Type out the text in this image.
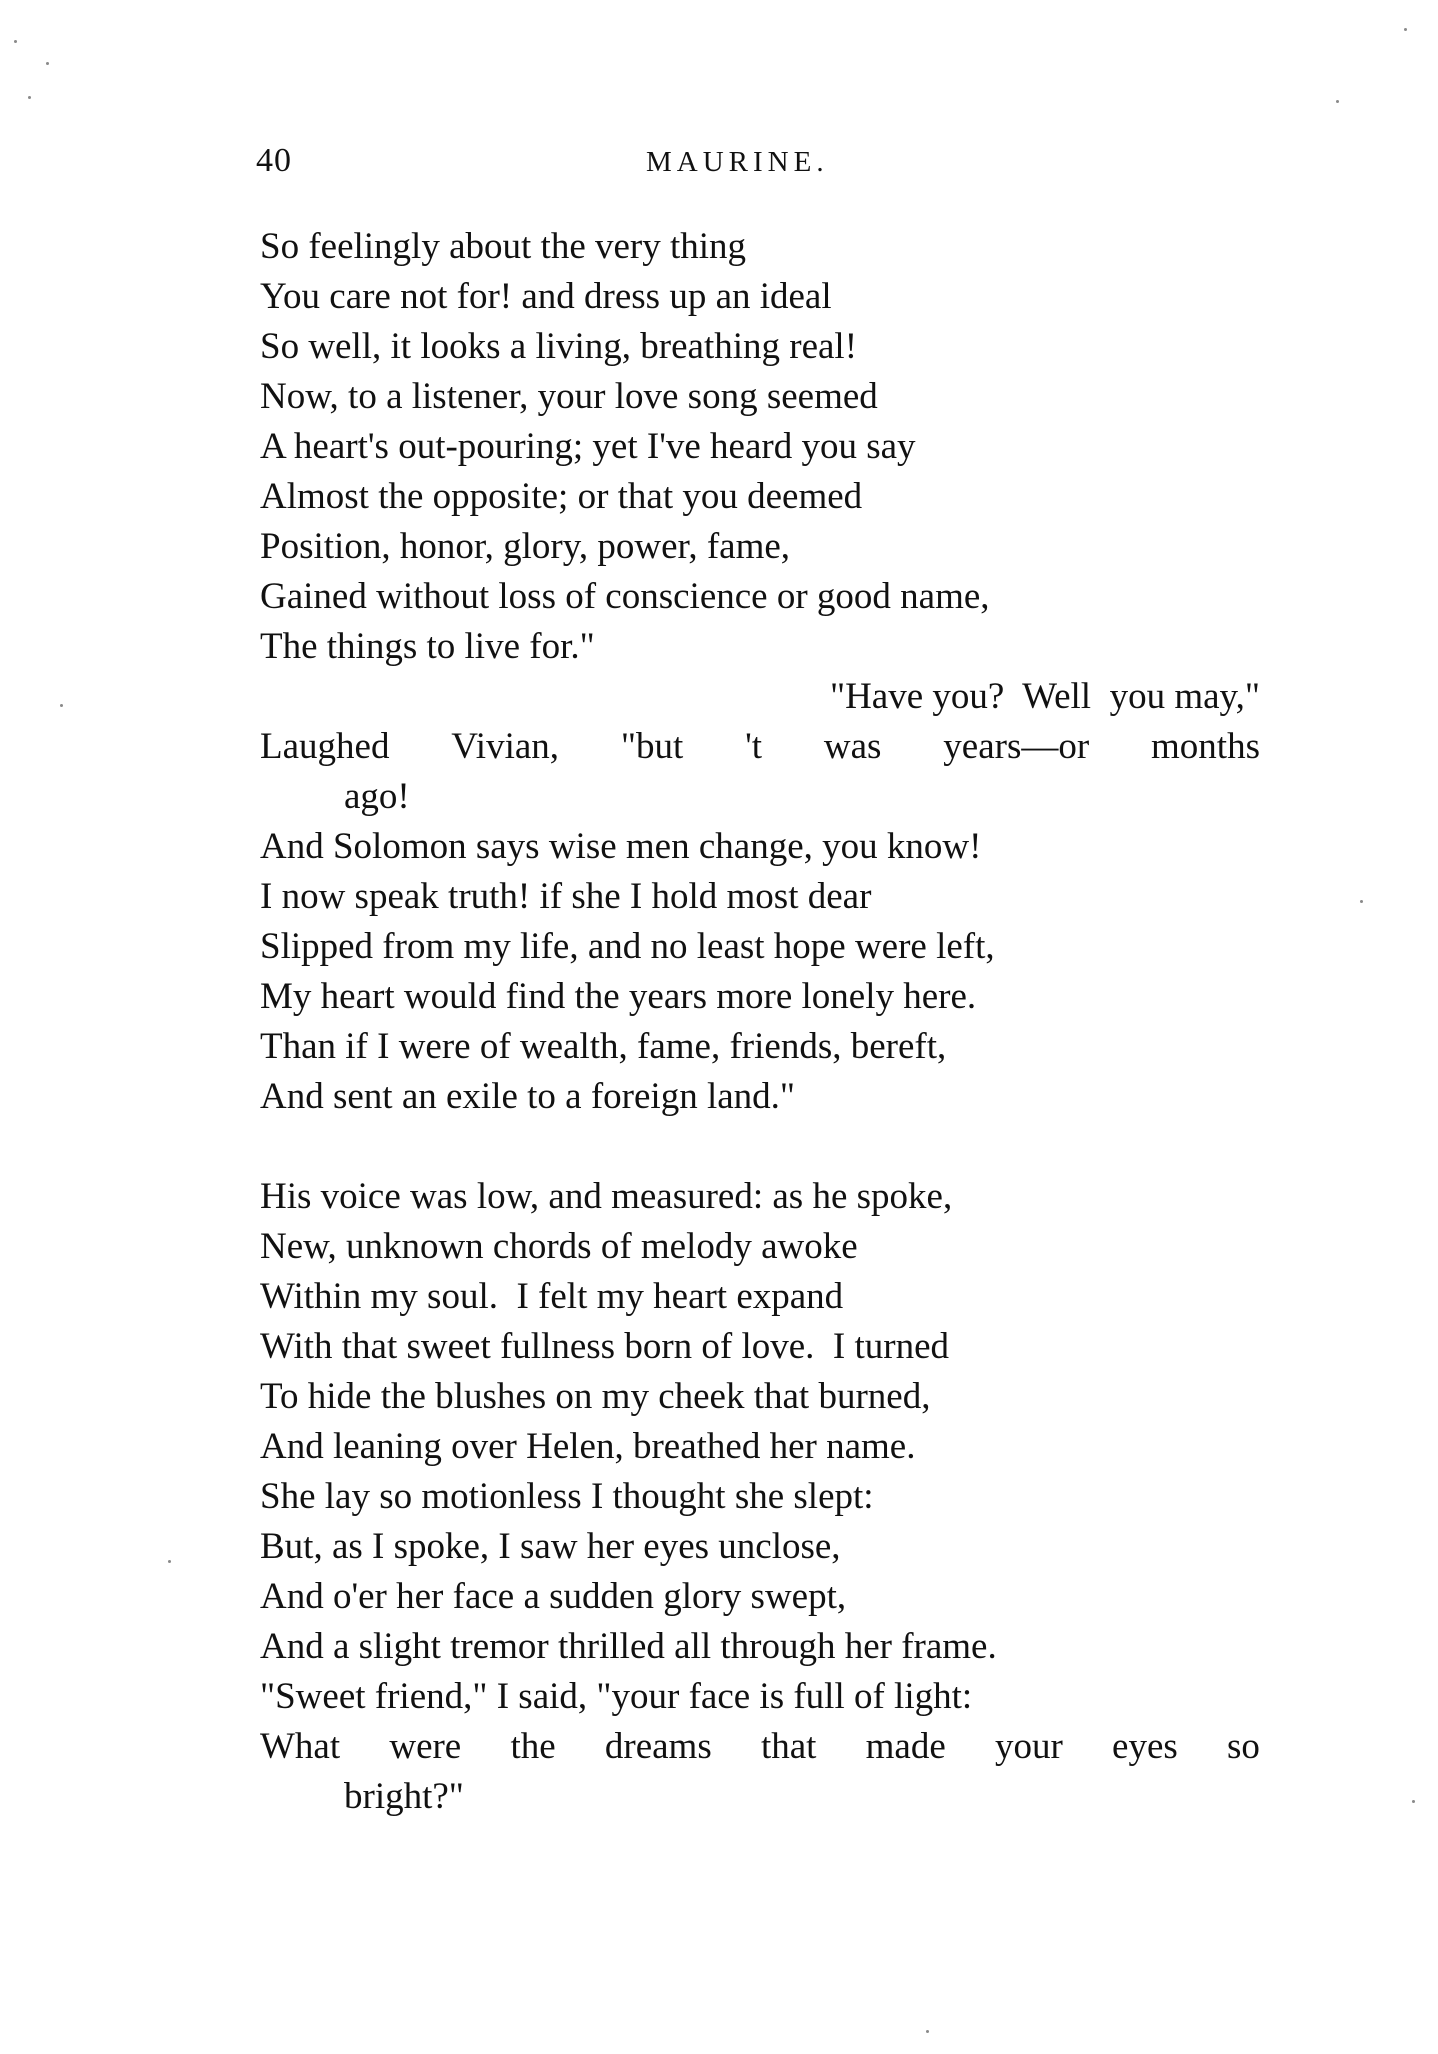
40	MAURINE.
So feelingly about the very thing
You care not for! and dress up an ideal
So well, it looks a living, breathing real!
Now, to a listener, your love song seemed
A heart's out-pouring; yet I've heard you say
Almost the opposite; or that you deemed
Position, honor, glory, power, fame,
Gained without loss of conscience or good name,
The things to live for."
"Have you?  Well  you may,"
Laughed Vivian, "but 't was years—or months
ago!
And Solomon says wise men change, you know!
I now speak truth! if she I hold most dear
Slipped from my life, and no least hope were left,
My heart would find the years more lonely here.
Than if I were of wealth, fame, friends, bereft,
And sent an exile to a foreign land."
His voice was low, and measured: as he spoke,
New, unknown chords of melody awoke
Within my soul.  I felt my heart expand
With that sweet fullness born of love.  I turned
To hide the blushes on my cheek that burned,
And leaning over Helen, breathed her name.
She lay so motionless I thought she slept:
But, as I spoke, I saw her eyes unclose,
And o'er her face a sudden glory swept,
And a slight tremor thrilled all through her frame.
"Sweet friend," I said, "your face is full of light:
What were the dreams that made your eyes so
bright?"
